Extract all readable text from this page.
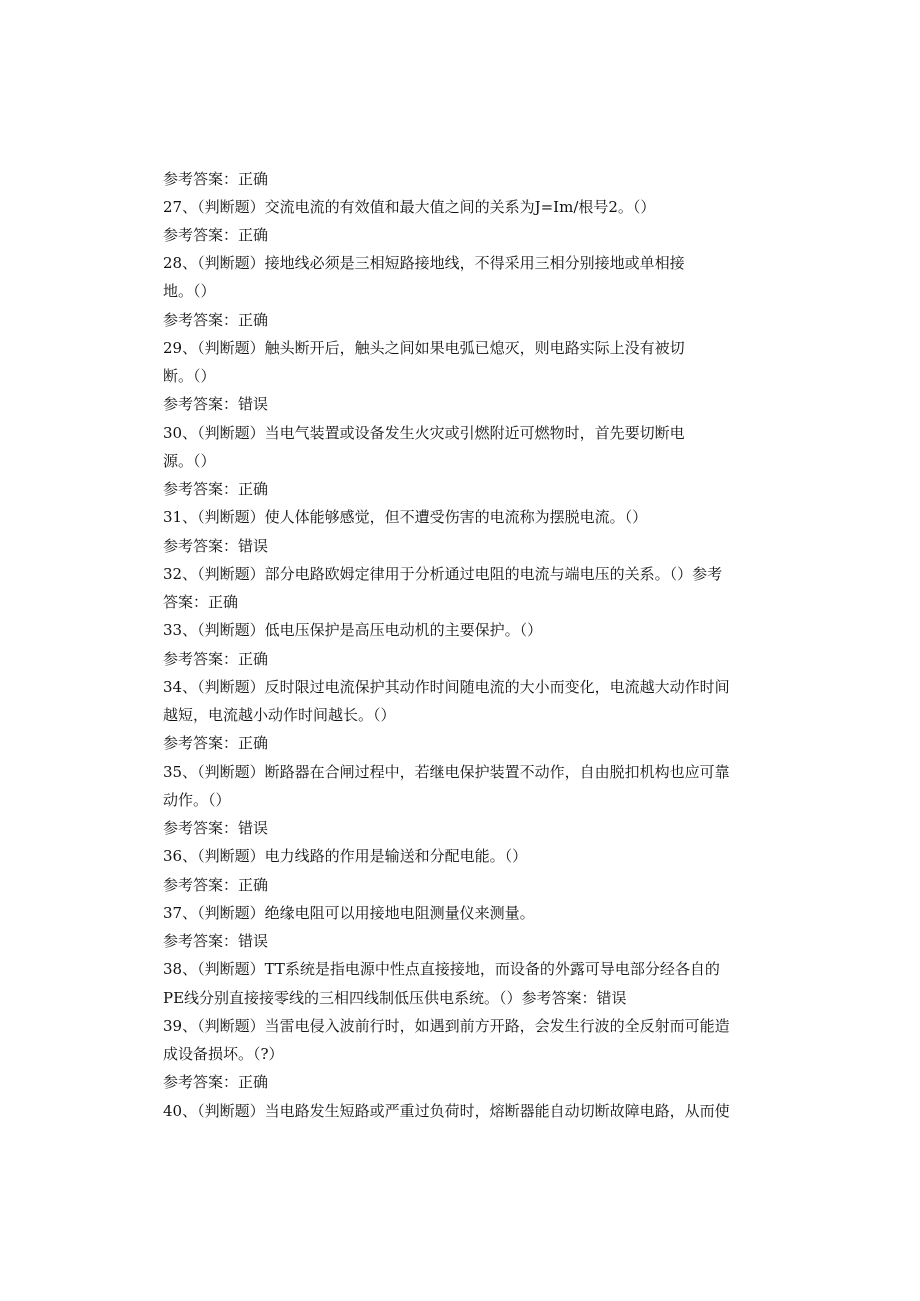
参考答案：正确
27、（判断题）交流电流的有效值和最大值之间的关系为J=Im/根号2。（）
参考答案：正确
28、（判断题）接地线必须是三相短路接地线，不得采用三相分别接地或单相接
地。（）
参考答案：正确
29、（判断题）触头断开后，触头之间如果电弧已熄灭，则电路实际上没有被切
断。（）
参考答案：错误
30、（判断题）当电气装置或设备发生火灾或引燃附近可燃物时，首先要切断电
源。（）
参考答案：正确
31、（判断题）使人体能够感觉，但不遭受伤害的电流称为摆脱电流。（）
参考答案：错误
32、（判断题）部分电路欧姆定律用于分析通过电阻的电流与端电压的关系。（）参考
答案：正确
33、（判断题）低电压保护是高压电动机的主要保护。（）
参考答案：正确
34、（判断题）反时限过电流保护其动作时间随电流的大小而变化，电流越大动作时间
越短，电流越小动作时间越长。（）
参考答案：正确
35、（判断题）断路器在合闸过程中，若继电保护装置不动作，自由脱扣机构也应可靠
动作。（）
参考答案：错误
36、（判断题）电力线路的作用是输送和分配电能。（）
参考答案：正确
37、（判断题）绝缘电阻可以用接地电阻测量仪来测量。
参考答案：错误
38、（判断题）TT系统是指电源中性点直接接地，而设备的外露可导电部分经各自的
PE线分别直接接零线的三相四线制低压供电系统。（）参考答案：错误
39、（判断题）当雷电侵入波前行时，如遇到前方开路，会发生行波的全反射而可能造
成设备损坏。（?）
参考答案：正确
40、（判断题）当电路发生短路或严重过负荷时，熔断器能自动切断故障电路，从而使
